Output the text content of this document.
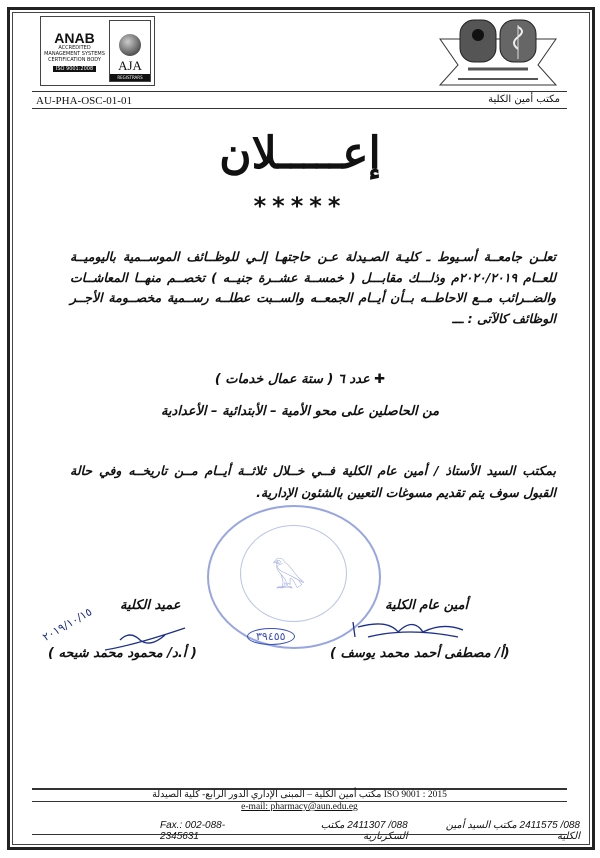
ANAB
ACCREDITED
MANAGEMENT SYSTEMS CERTIFICATION BODY
ISO 9001:2008 AJA
REGISTRARS
AU-PHA-OSC-01-01	مكتب أمين الكلية
إعـــــلان
*****
تعلـن جامعــة أسـيوط ـ كليـة الصـيدلة عـن حاجتهـا إلـي للوظــائف الموســمية باليوميــة للعــام ٢٠٢٠/٢٠١٩م وذلـــك مقابـــل ( خمســة عشــرة جنيــه ) تخصــم منهــا المعاشــات والضــرائب مــع الاحاطــه بــأن أيــام الجمعــه والســبت عطلــه رســمية مخصــومة الأجــر الوظائف كالآتى : ـــ
✚ عدد ٦ ( ستة عمال خدمات )
من الحاصلين على محو الأمية – الأبتدائية – الأعدادية
بمكتب السيد الأستاذ / أمين عام الكلية فــي خــلال ثلاثــة أيــام مــن تاريخــه وفي حالة القبول سوف يتم تقديم مسوغات التعيين بالشئون الإدارية.
𓅃
٣٩٤٥٥
عميد الكلية
٢٠١٩/١٠/١٥
( أ.د/ محمود محمد شيحه )
أمين عام الكلية
(أ/ مصطفى أحمد محمد يوسف )
مكتب أمين الكلية – المبنى الإداري الدور الرابع- كلية الصيدلة ISO 9001 : 2015
e-mail: pharmacy@aun.edu.eg
088/ 2411575 مكتب السيد أمين الكلية
088/ 2411307 مكتب السكرتارية
Fax.: 002-088-2345631
